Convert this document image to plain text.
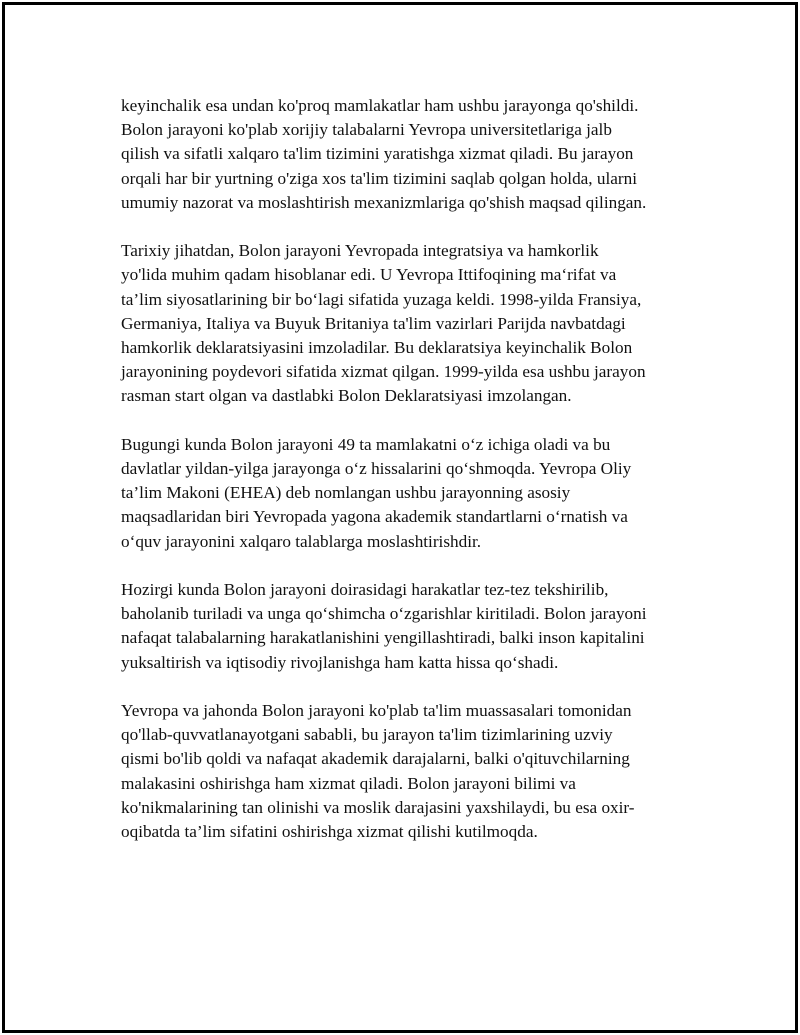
keyinchalik esa undan ko'proq mamlakatlar ham ushbu jarayonga qo'shildi.
Bolon jarayoni ko'plab xorijiy talabalarni Yevropa universitetlariga jalb
qilish va sifatli xalqaro ta'lim tizimini yaratishga xizmat qiladi. Bu jarayon
orqali har bir yurtning o'ziga xos ta'lim tizimini saqlab qolgan holda, ularni
umumiy nazorat va moslashtirish mexanizmlariga qo'shish maqsad qilingan.

Tarixiy jihatdan, Bolon jarayoni Yevropada integratsiya va hamkorlik
yo'lida muhim qadam hisoblanar edi. U Yevropa Ittifoqining ma‘rifat va
ta’lim siyosatlarining bir bo‘lagi sifatida yuzaga keldi. 1998-yilda Fransiya,
Germaniya, Italiya va Buyuk Britaniya ta'lim vazirlari Parijda navbatdagi
hamkorlik deklaratsiyasini imzoladilar. Bu deklaratsiya keyinchalik Bolon
jarayonining poydevori sifatida xizmat qilgan. 1999-yilda esa ushbu jarayon
rasman start olgan va dastlabki Bolon Deklaratsiyasi imzolangan.

Bugungi kunda Bolon jarayoni 49 ta mamlakatni o‘z ichiga oladi va bu
davlatlar yildan-yilga jarayonga o‘z hissalarini qo‘shmoqda. Yevropa Oliy
ta’lim Makoni (EHEA) deb nomlangan ushbu jarayonning asosiy
maqsadlaridan biri Yevropada yagona akademik standartlarni o‘rnatish va
o‘quv jarayonini xalqaro talablarga moslashtirishdir.

Hozirgi kunda Bolon jarayoni doirasidagi harakatlar tez-tez tekshirilib,
baholanib turiladi va unga qo‘shimcha o‘zgarishlar kiritiladi. Bolon jarayoni
nafaqat talabalarning harakatlanishini yengillashtiradi, balki inson kapitalini
yuksaltirish va iqtisodiy rivojlanishga ham katta hissa qo‘shadi.

Yevropa va jahonda Bolon jarayoni ko'plab ta'lim muassasalari tomonidan
qo'llab-quvvatlanayotgani sababli, bu jarayon ta'lim tizimlarining uzviy
qismi bo'lib qoldi va nafaqat akademik darajalarni, balki o'qituvchilarning
malakasini oshirishga ham xizmat qiladi. Bolon jarayoni bilimi va
ko'nikmalarining tan olinishi va moslik darajasini yaxshilaydi, bu esa oxir-
oqibatda ta’lim sifatini oshirishga xizmat qilishi kutilmoqda.
